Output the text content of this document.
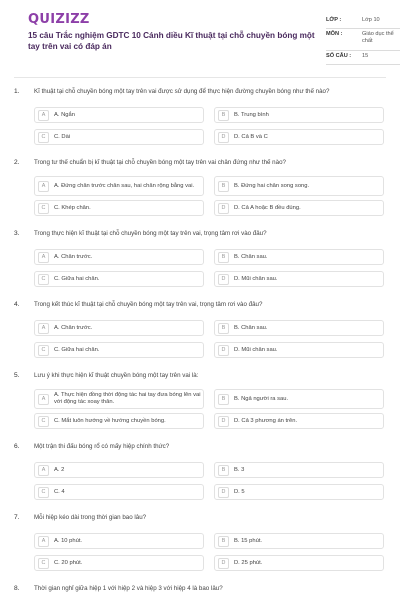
QUIZIZZ
15 câu Trắc nghiệm GDTC 10 Cánh diều Kĩ thuật tại chỗ chuyền bóng một tay trên vai có đáp án
LỚP :	Lớp 10
MÔN :	Giáo dục thể chất
SỐ CÂU :	15
1. Kĩ thuật tại chỗ chuyền bóng một tay trên vai được sử dụng để thực hiện đường chuyền bóng như thế nào?
A	A. Ngắn	B	B. Trung bình
C	C. Dài	D	D. Cả B và C
2. Trong tư thế chuẩn bị kĩ thuật tại chỗ chuyền bóng một tay trên vai chân đứng như thế nào?
A	A. Đứng chân trước chân sau, hai chân rộng bằng vai.	B	B. Đứng hai chân song song.
C	C. Khép chân.	D	D. Cả A hoặc B đều đúng.
3. Trong thực hiện kĩ thuật tại chỗ chuyền bóng một tay trên vai, trọng tâm rơi vào đâu?
A	A. Chân trước.	B	B. Chân sau.
C	C. Giữa hai chân.	D	D. Mũi chân sau.
4. Trong kết thúc kĩ thuật tại chỗ chuyền bóng một tay trên vai, trọng tâm rơi vào đâu?
A	A. Chân trước.	B	B. Chân sau.
C	C. Giữa hai chân.	D	D. Mũi chân sau.
5. Lưu ý khi thực hiện kĩ thuật chuyền bóng một tay trên vai là:
A
A. Thực hiện đồng thời động tác hai tay đưa bóng lên vai với động tác xoay thân.	B	B. Ngả người ra sau.
C	C. Mắt luôn hướng về hướng chuyền bóng.	D	D. Cả 3 phương án trên.
6. Một trận thi đấu bóng rổ có mấy hiệp chính thức?
A	A. 2	B	B. 3
C	C. 4	D	D. 5
7. Mỗi hiệp kéo dài trong thời gian bao lâu?
A	A. 10 phút.	B	B. 15 phút.
C	C. 20 phút.	D	D. 25 phút.
8. Thời gian nghỉ giữa hiệp 1 với hiệp 2 và hiệp 3 với hiệp 4 là bao lâu?
